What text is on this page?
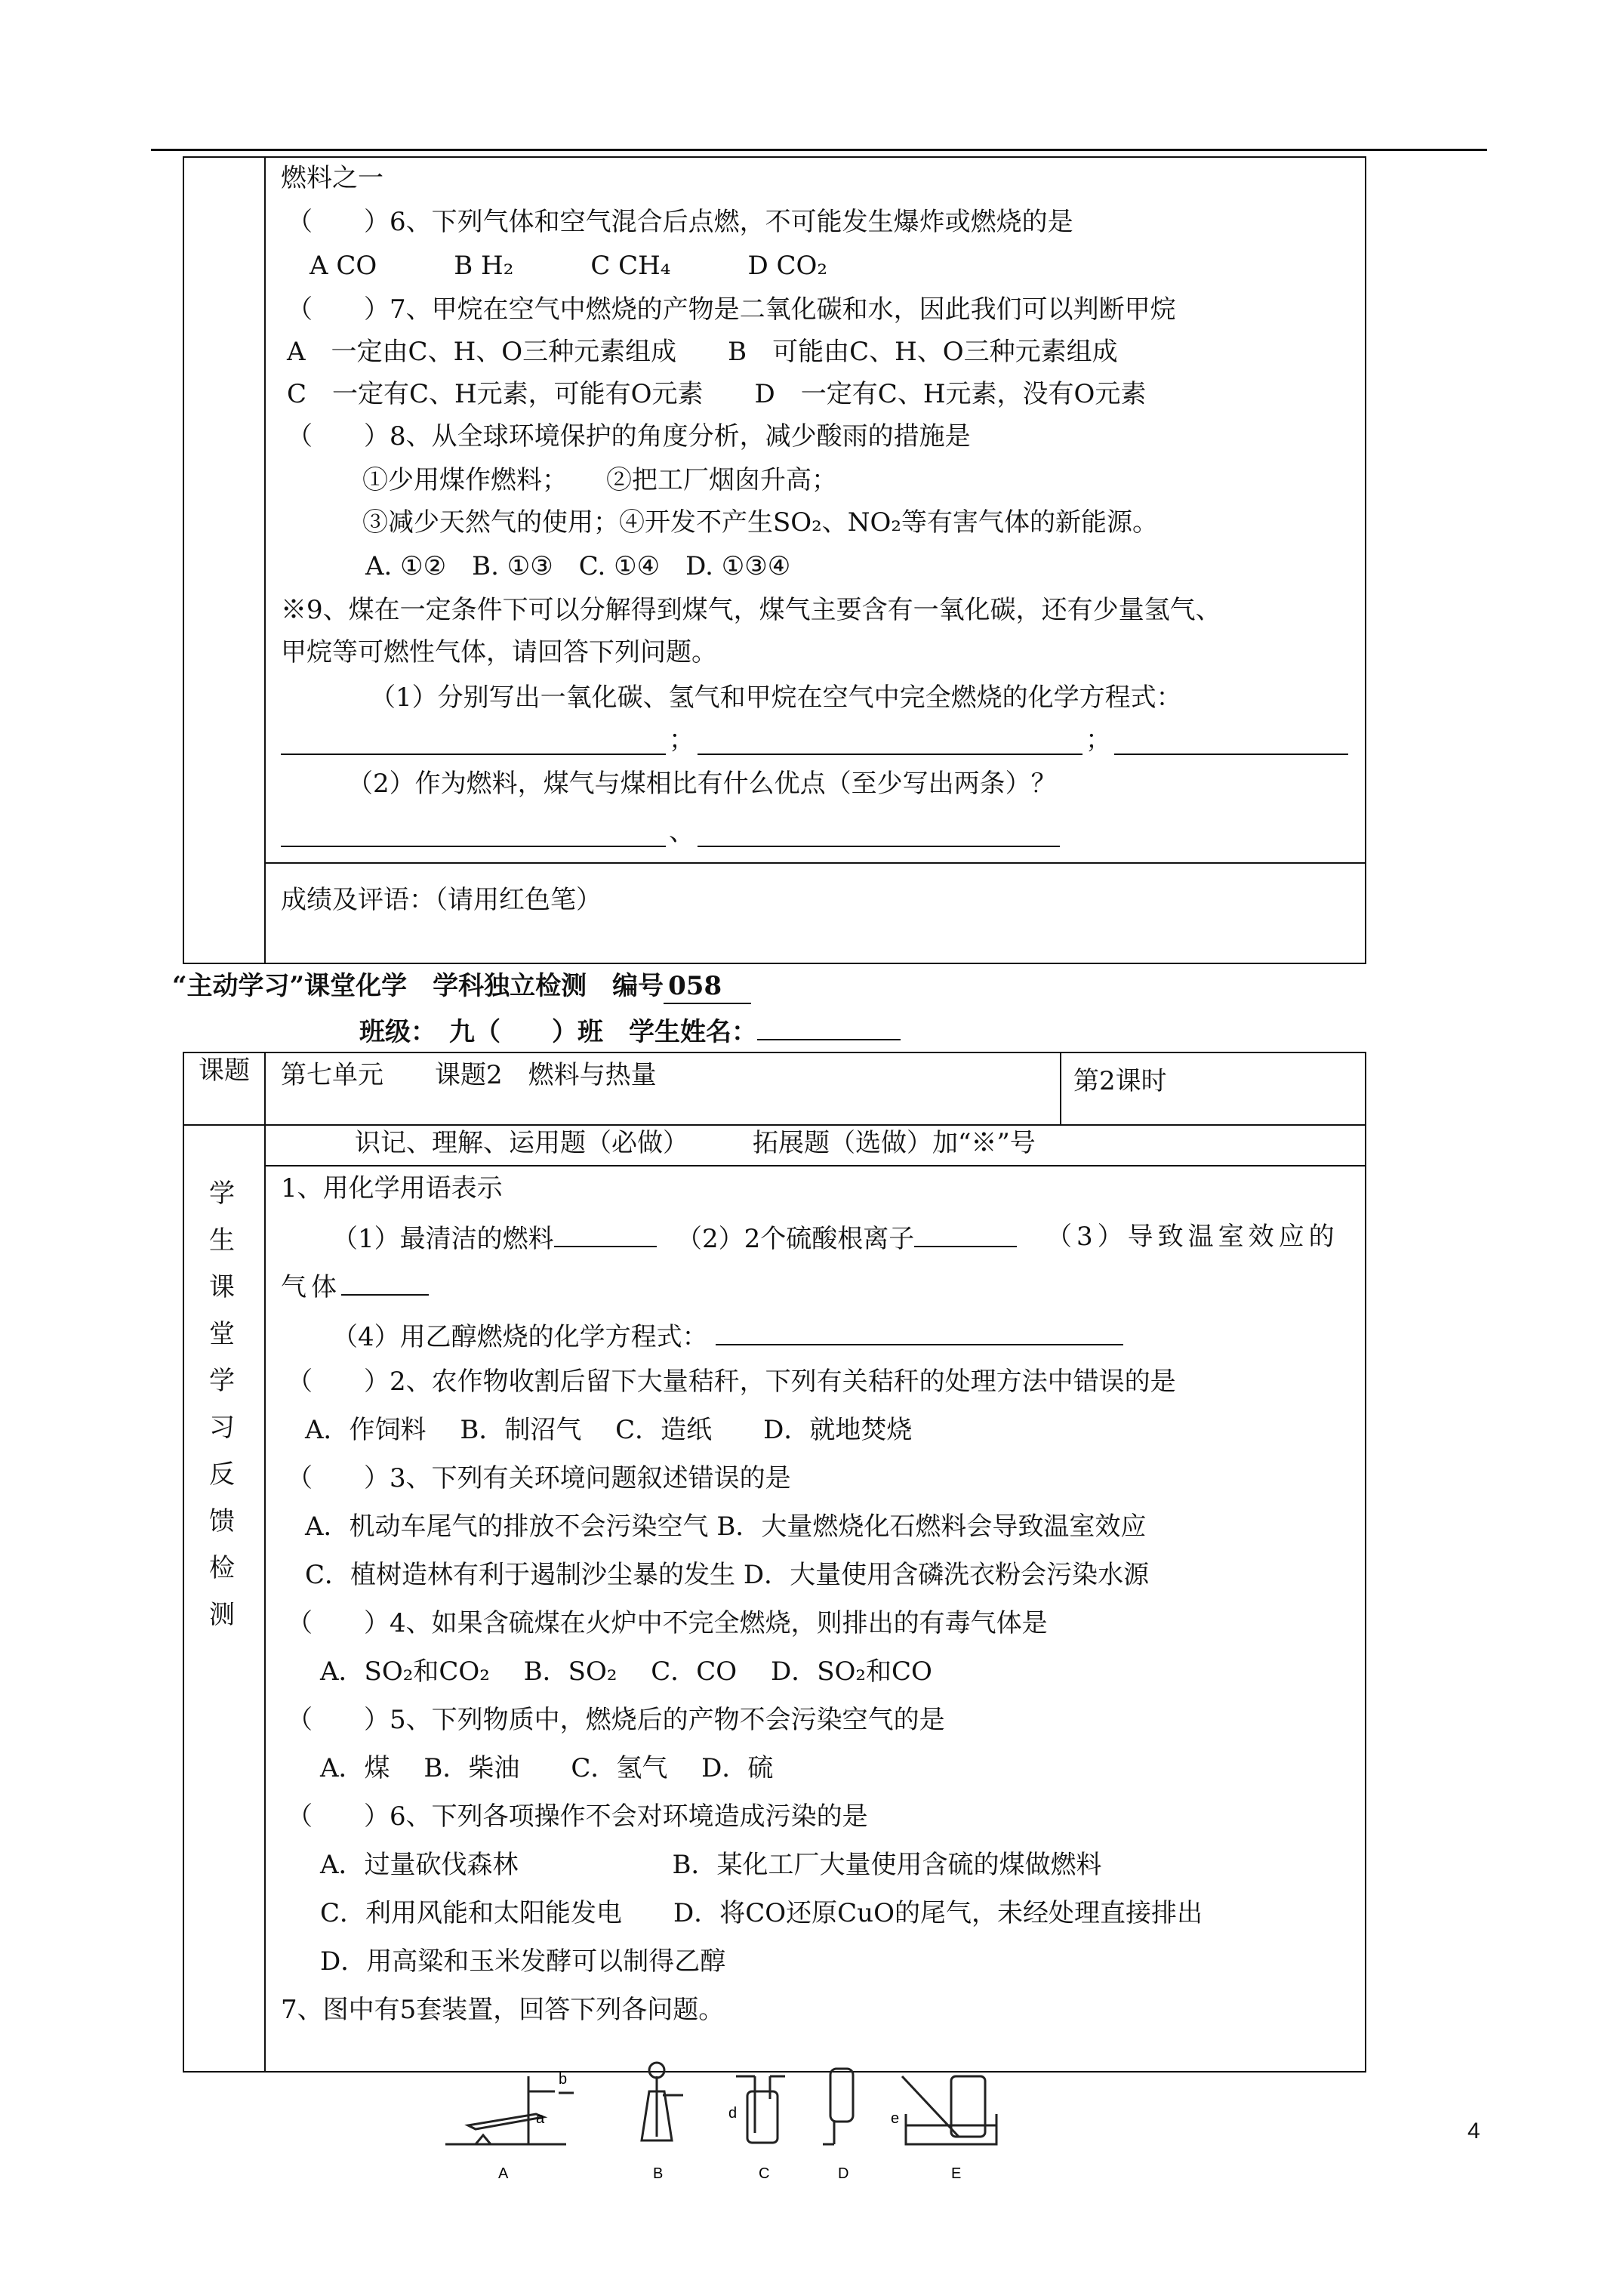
燃料之一
（　　）6、下列气体和空气混合后点燃，不可能发生爆炸或燃烧的是
A CO　　　B H₂　　　C CH₄　　　D CO₂
（　　）7、甲烷在空气中燃烧的产物是二氧化碳和水，因此我们可以判断甲烷
A　一定由C、H、O三种元素组成　　B　可能由C、H、O三种元素组成
C　一定有C、H元素，可能有O元素　　D　一定有C、H元素，没有O元素
（　　）8、从全球环境保护的角度分析，减少酸雨的措施是
①少用煤作燃料；　　②把工厂烟囱升高；
③减少天然气的使用；④开发不产生SO₂、NO₂等有害气体的新能源。
A. ①②　B. ①③　C. ①④　D. ①③④
※9、煤在一定条件下可以分解得到煤气，煤气主要含有一氧化碳，还有少量氢气、
甲烷等可燃性气体，请回答下列问题。
（1）分别写出一氧化碳、氢气和甲烷在空气中完全燃烧的化学方程式：
；	；
（2）作为燃料，煤气与煤相比有什么优点（至少写出两条）？
、
成绩及评语：（请用红色笔）
“主动学习”课堂化学　学科独立检测　编号 058
班级：　九（　　）班　学生姓名：
课题 第七单元　　课题2　燃料与热量	第2课时
识记、理解、运用题（必做）　　　拓展题（选做）加“※”号
学
生
课
堂
学
习
反
馈
检
测
1、用化学用语表示
（1）最清洁的燃料	（2）2个硫酸根离子	（3）导致温室效应的
气体
（4）用乙醇燃烧的化学方程式：
（　　）2、农作物收割后留下大量秸秆，下列有关秸秆的处理方法中错误的是
A．作饲料　 B．制沼气　 C．造纸　　D．就地焚烧
（　　）3、下列有关环境问题叙述错误的是
A．机动车尾气的排放不会污染空气 B．大量燃烧化石燃料会导致温室效应
C．植树造林有利于遏制沙尘暴的发生 D．大量使用含磷洗衣粉会污染水源
（　　）4、如果含硫煤在火炉中不完全燃烧，则排出的有毒气体是
A．SO₂和CO₂　 B．SO₂　 C．CO　 D．SO₂和CO
（　　）5、下列物质中，燃烧后的产物不会污染空气的是
A．煤　 B．柴油　　C．氢气　 D．硫
（　　）6、下列各项操作不会对环境造成污染的是
A．过量砍伐森林　　　　　　B．某化工厂大量使用含硫的煤做燃料
C．利用风能和太阳能发电　　D．将CO还原CuO的尾气，未经处理直接排出
D．用高粱和玉米发酵可以制得乙醇
7、图中有5套装置，回答下列各问题。
A	B	C	D	E
b
a	d	e	4
